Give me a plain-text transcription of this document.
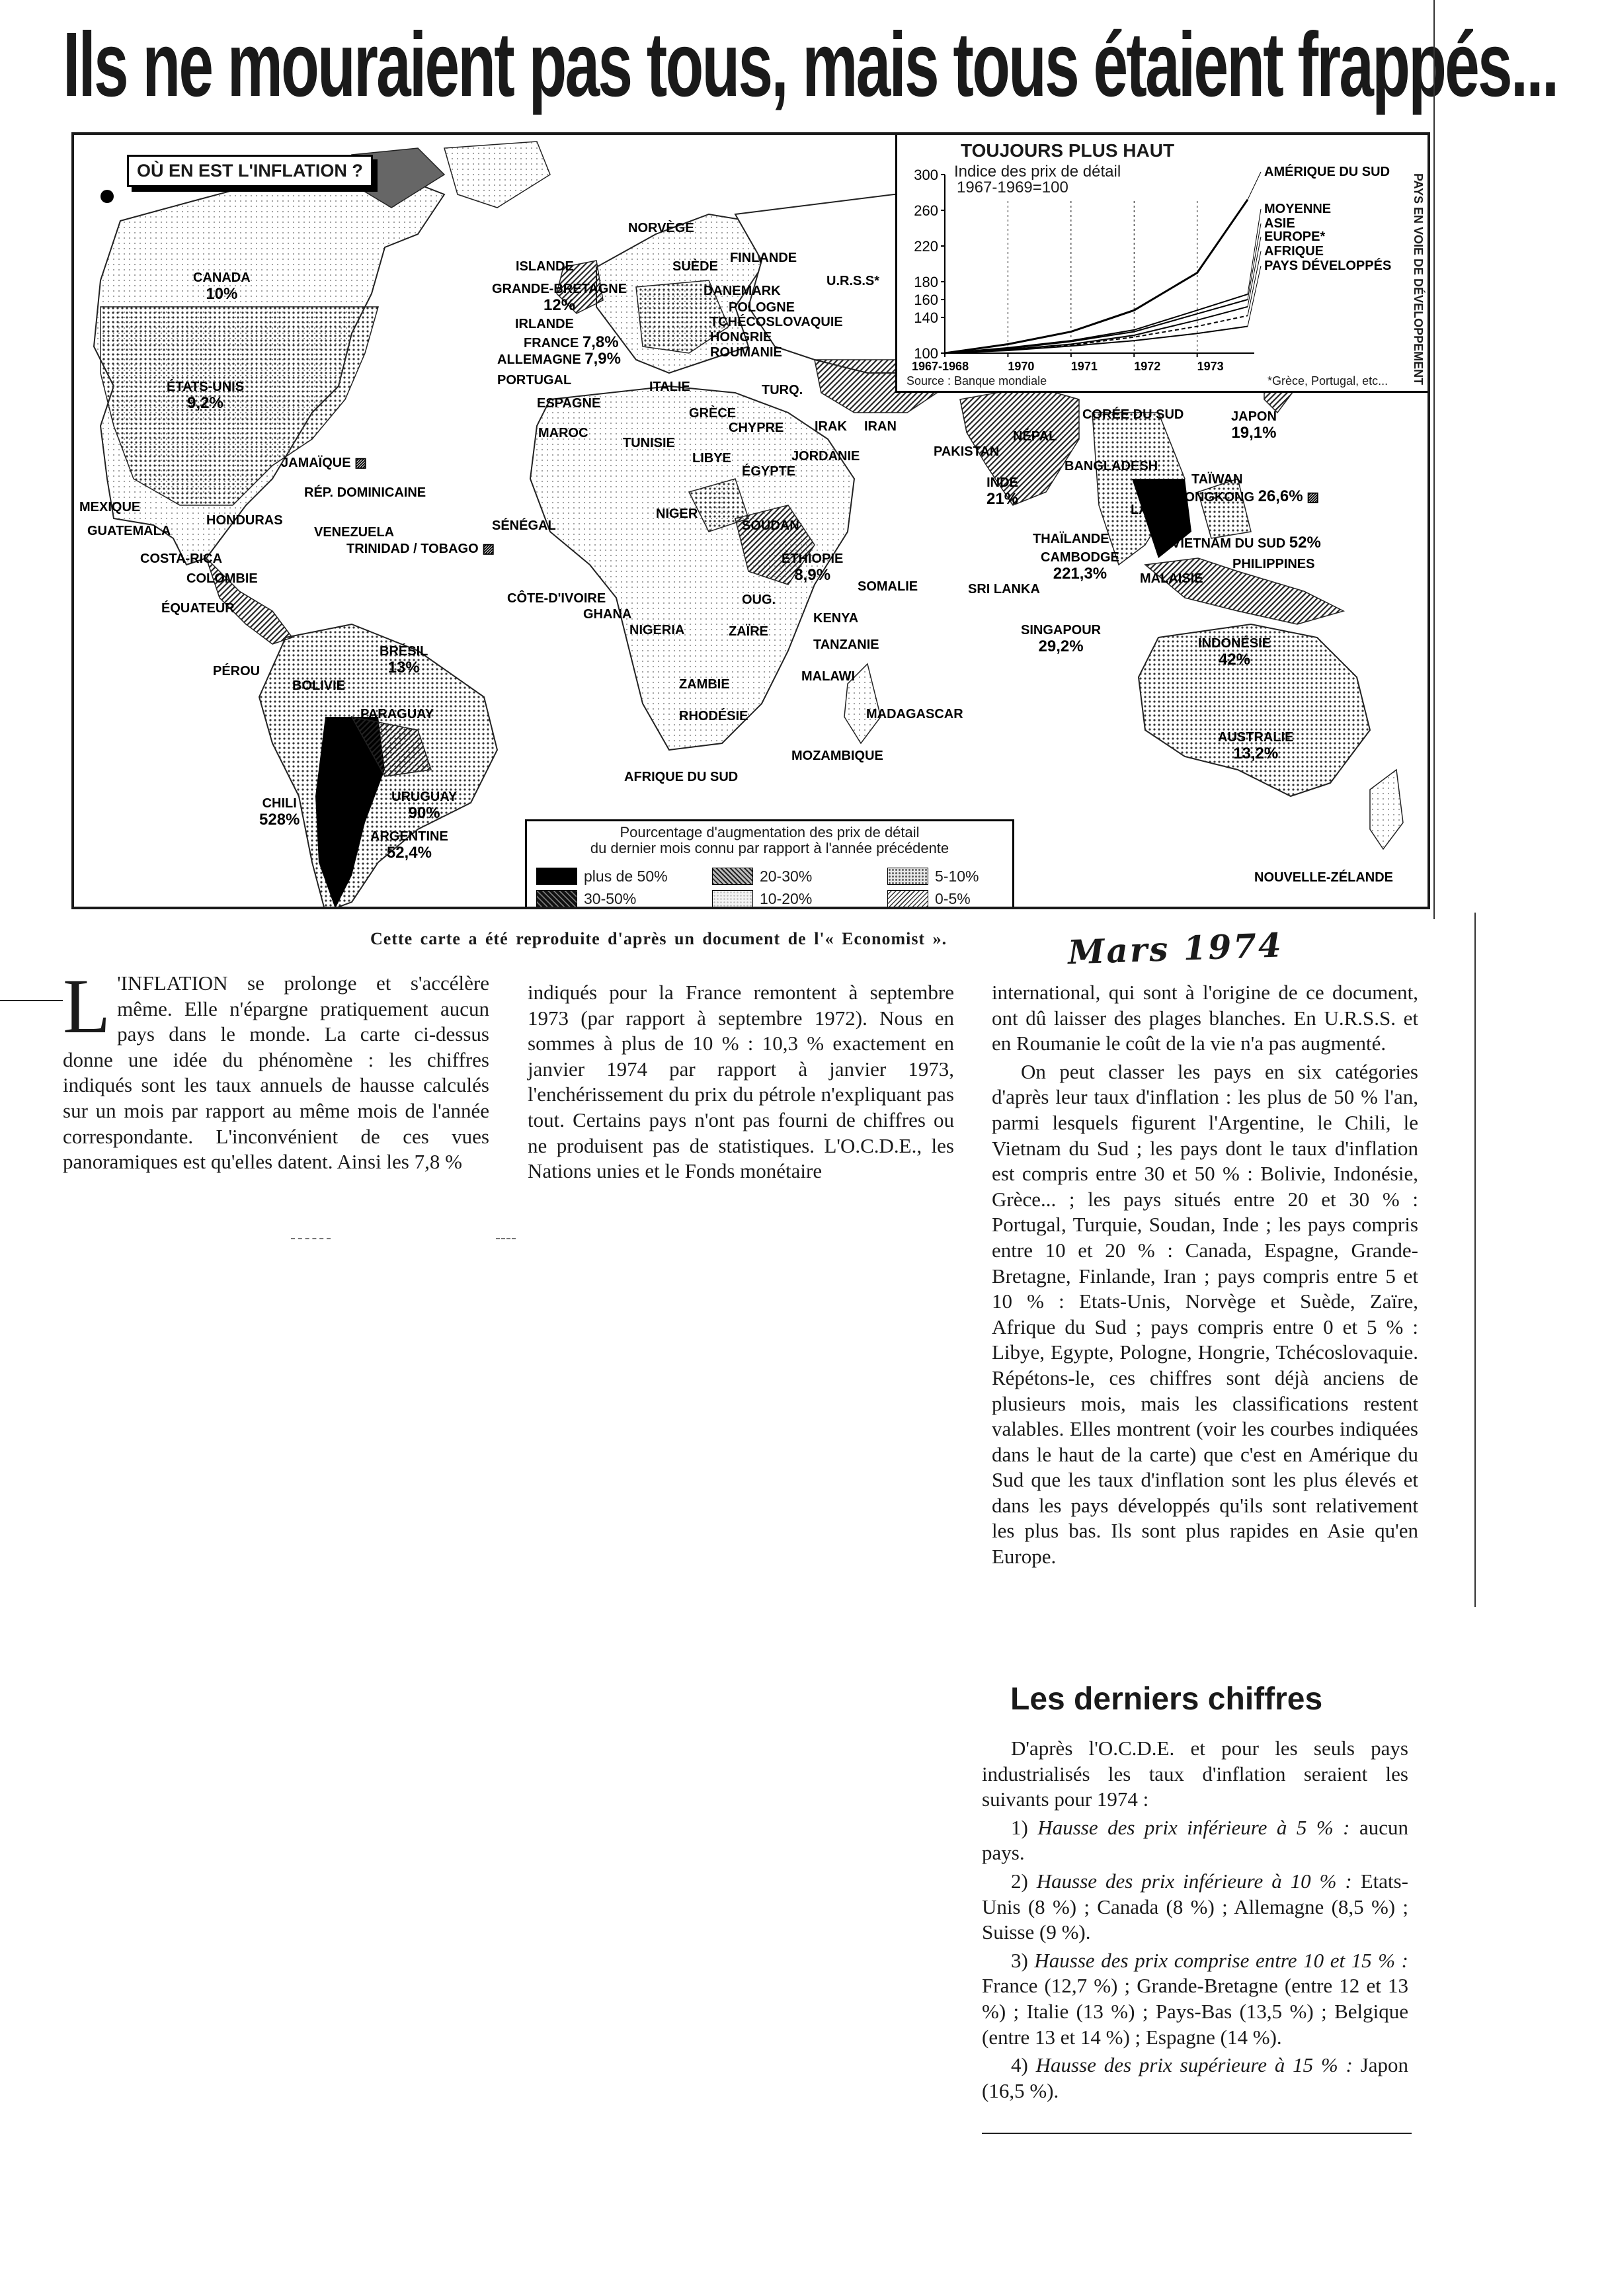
Ils ne mouraient pas tous, mais tous étaient frappés...
OÙ EN EST L'INFLATION ?
CANADA
10%
ÉTATS-UNIS
9,2%
MEXIQUE
GUATEMALA
HONDURAS
COSTA-RICA
JAMAÏQUE ▨
RÉP. DOMINICAINE
VENEZUELA
TRINIDAD / TOBAGO ▨
COLOMBIE
ÉQUATEUR
PÉROU
BRÉSIL
13%
BOLIVIE
PARAGUAY
CHILI
528%
URUGUAY
90%
ARGENTINE
52,4%
NORVÈGE
ISLANDE	SUÈDE
FINLANDE
U.R.S.S*
GRANDE-BRETAGNE
12%
DANEMARK
POLOGNE
IRLANDE	TCHÉCOSLOVAQUIE
FRANCE 7,8%	HONGRIE
ALLEMAGNE 7,9%	ROUMANIE
PORTUGAL
ESPAGNE
ITALIE	TURQ.
GRÈCE
CHYPRE IRAK IRAN
MAROC
TUNISIE
LIBYE
ÉGYPTE
JORDANIE	PAKISTAN
NÉPAL
INDE
21%
BANGLADESH
SÉNÉGAL
NIGER
SOUDAN
ÉTHIOPIE
8,9%
SOMALIE
CÔTE-D'IVOIRE
GHANA
NIGERIA
OUG.
KENYA
ZAÏRE
TANZANIE
ZAMBIE
MALAWI
RHODÉSIE	MADAGASCAR
MOZAMBIQUE
AFRIQUE DU SUD
CORÉE DU SUD	JAPON
19,1%
TAÏWAN
HONGKONG 26,6% ▨
LAOS
THAÏLANDE	VIETNAM DU SUD 52%
CAMBODGE
221,3%
PHILIPPINES
MALAISIE
SRI LANKA
SINGAPOUR
29,2%	INDONÉSIE
42%
AUSTRALIE
13,2%
NOUVELLE-ZÉLANDE
TOUJOURS PLUS HAUT
Indice des prix de détail
1967-1969=100
100
140
160
180
220
260
300
1967-1968	1970	1971	1972	1973
AMÉRIQUE DU SUD
MOYENNE
ASIE
EUROPE*
AFRIQUE
PAYS DÉVELOPPÉS	PAYS EN VOIE DE DÉVELOPPEMENT
Source : Banque mondiale	*Grèce, Portugal, etc...
Pourcentage d'augmentation des prix de détail
du dernier mois connu par rapport à l'année précédente
plus de 50%	20-30%	5-10%
30-50%	10-20%	0-5%
Cette carte a été reproduite d'après un document de l'« Economist ».	Mars 1974

L 'INFLATION se prolonge et s'accélère même. Elle n'épargne pratiquement aucun pays dans le monde. La carte ci-dessus donne une idée du phénomène : les chiffres indiqués sont les taux annuels de hausse calculés sur un mois par rapport au même mois de l'année correspondante. L'inconvénient de ces vues panoramiques est qu'elles datent. Ainsi les 7,8 %

indiqués pour la France remontent à septembre 1973 (par rapport à septembre 1972). Nous en sommes à plus de 10 % : 10,3 % exactement en janvier 1974 par rapport à janvier 1973, l'enchérissement du prix du pétrole n'expliquant pas tout. Certains pays n'ont pas fourni de chiffres ou ne produisent pas de statistiques. L'O.C.D.E., les Nations unies et le Fonds monétaire

international, qui sont à l'origine de ce document, ont dû laisser des plages blanches. En U.R.S.S. et en Roumanie le coût de la vie n'a pas augmenté.

On peut classer les pays en six catégories d'après leur taux d'inflation : les plus de 50 % l'an, parmi lesquels figurent l'Argentine, le Chili, le Vietnam du Sud ; les pays dont le taux d'inflation est compris entre 30 et 50 % : Bolivie, Indonésie, Grèce... ; les pays situés entre 20 et 30 % : Portugal, Turquie, Soudan, Inde ; les pays compris entre 10 et 20 % : Canada, Espagne, Grande-Bretagne, Finlande, Iran ; pays compris entre 5 et 10 % : Etats-Unis, Norvège et Suède, Zaïre, Afrique du Sud ; pays compris entre 0 et 5 % : Libye, Egypte, Pologne, Hongrie, Tchécoslovaquie. Répétons-le, ces chiffres sont déjà anciens de plusieurs mois, mais les classifications restent valables. Elles montrent (voir les courbes indiquées dans le haut de la carte) que c'est en Amérique du Sud que les taux d'inflation sont les plus élevés et dans les pays développés qu'ils sont relativement les plus bas. Ils sont plus rapides en Asie qu'en Europe.

Les derniers chiffres

D'après l'O.C.D.E. et pour les seuls pays industrialisés les taux d'inflation seraient les suivants pour 1974 :

1) Hausse des prix inférieure à 5 % : aucun pays.

2) Hausse des prix inférieure à 10 % : Etats-Unis (8 %) ; Canada (8 %) ; Allemagne (8,5 %) ; Suisse (9 %).

3) Hausse des prix comprise entre 10 et 15 % : France (12,7 %) ; Grande-Bretagne (entre 12 et 13 %) ; Italie (13 %) ; Pays-Bas (13,5 %) ; Belgique (entre 13 et 14 %) ; Espagne (14 %).

4) Hausse des prix supérieure à 15 % : Japon (16,5 %).
